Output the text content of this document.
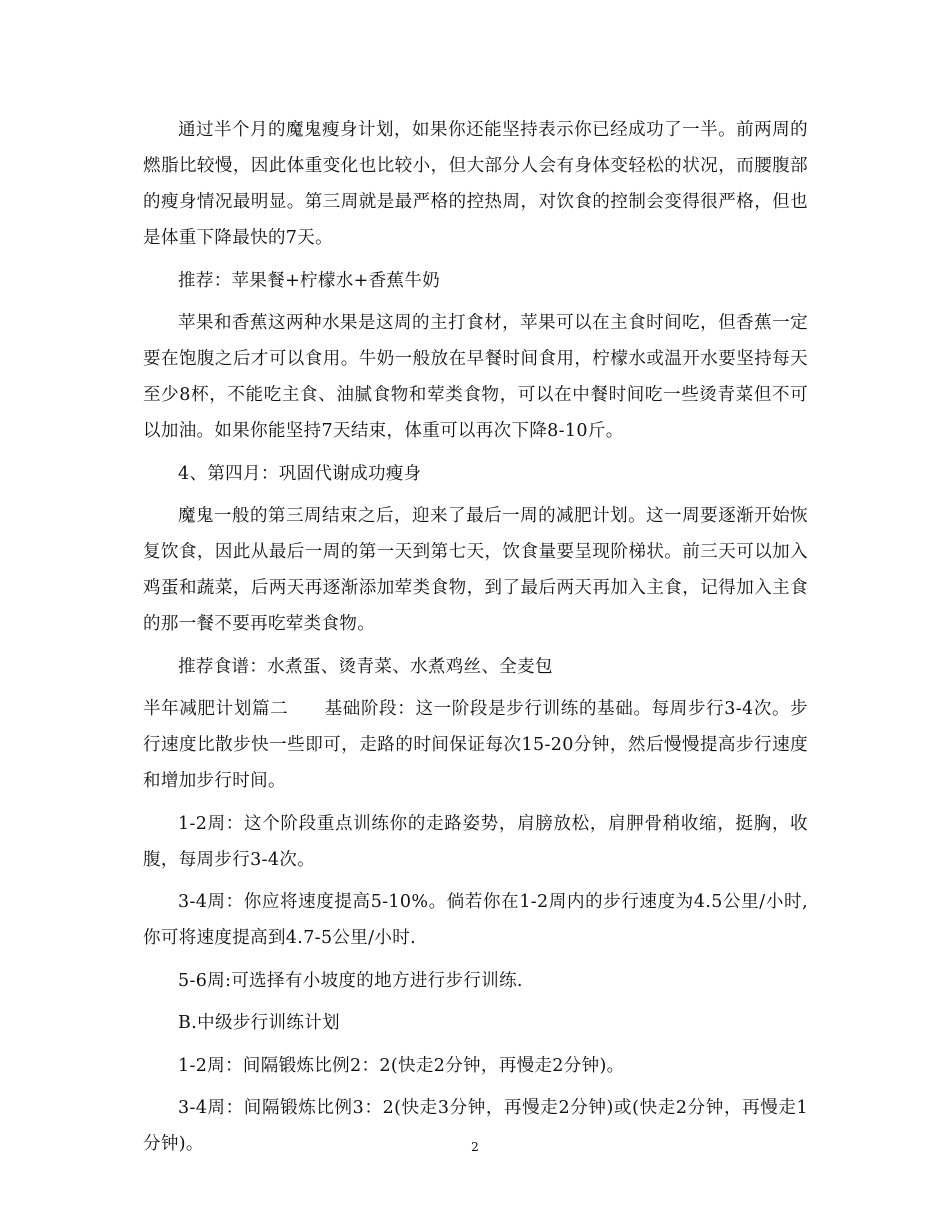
通过半个月的魔鬼瘦身计划，如果你还能坚持表示你已经成功了一半。前两周的燃脂比较慢，因此体重变化也比较小，但大部分人会有身体变轻松的状况，而腰腹部的瘦身情况最明显。第三周就是最严格的控热周，对饮食的控制会变得很严格，但也是体重下降最快的7天。

推荐：苹果餐+柠檬水+香蕉牛奶

苹果和香蕉这两种水果是这周的主打食材，苹果可以在主食时间吃，但香蕉一定要在饱腹之后才可以食用。牛奶一般放在早餐时间食用，柠檬水或温开水要坚持每天至少8杯，不能吃主食、油腻食物和荤类食物，可以在中餐时间吃一些烫青菜但不可以加油。如果你能坚持7天结束，体重可以再次下降8-10斤。

4、第四月：巩固代谢成功瘦身

魔鬼一般的第三周结束之后，迎来了最后一周的减肥计划。这一周要逐渐开始恢复饮食，因此从最后一周的第一天到第七天，饮食量要呈现阶梯状。前三天可以加入鸡蛋和蔬菜，后两天再逐渐添加荤类食物，到了最后两天再加入主食，记得加入主食的那一餐不要再吃荤类食物。

推荐食谱：水煮蛋、烫青菜、水煮鸡丝、全麦包

半年减肥计划篇二　　基础阶段：这一阶段是步行训练的基础。每周步行3-4次。步行速度比散步快一些即可，走路的时间保证每次15-20分钟，然后慢慢提高步行速度和增加步行时间。

1-2周：这个阶段重点训练你的走路姿势，肩膀放松，肩胛骨稍收缩，挺胸，收腹，每周步行3-4次。

3-4周：你应将速度提高5-10%。倘若你在1-2周内的步行速度为4.5公里/小时,你可将速度提高到4.7-5公里/小时.

5-6周:可选择有小坡度的地方进行步行训练.

B.中级步行训练计划

1-2周：间隔锻炼比例2：2(快走2分钟，再慢走2分钟)。

3-4周：间隔锻炼比例3：2(快走3分钟，再慢走2分钟)或(快走2分钟，再慢走1分钟)。	2
